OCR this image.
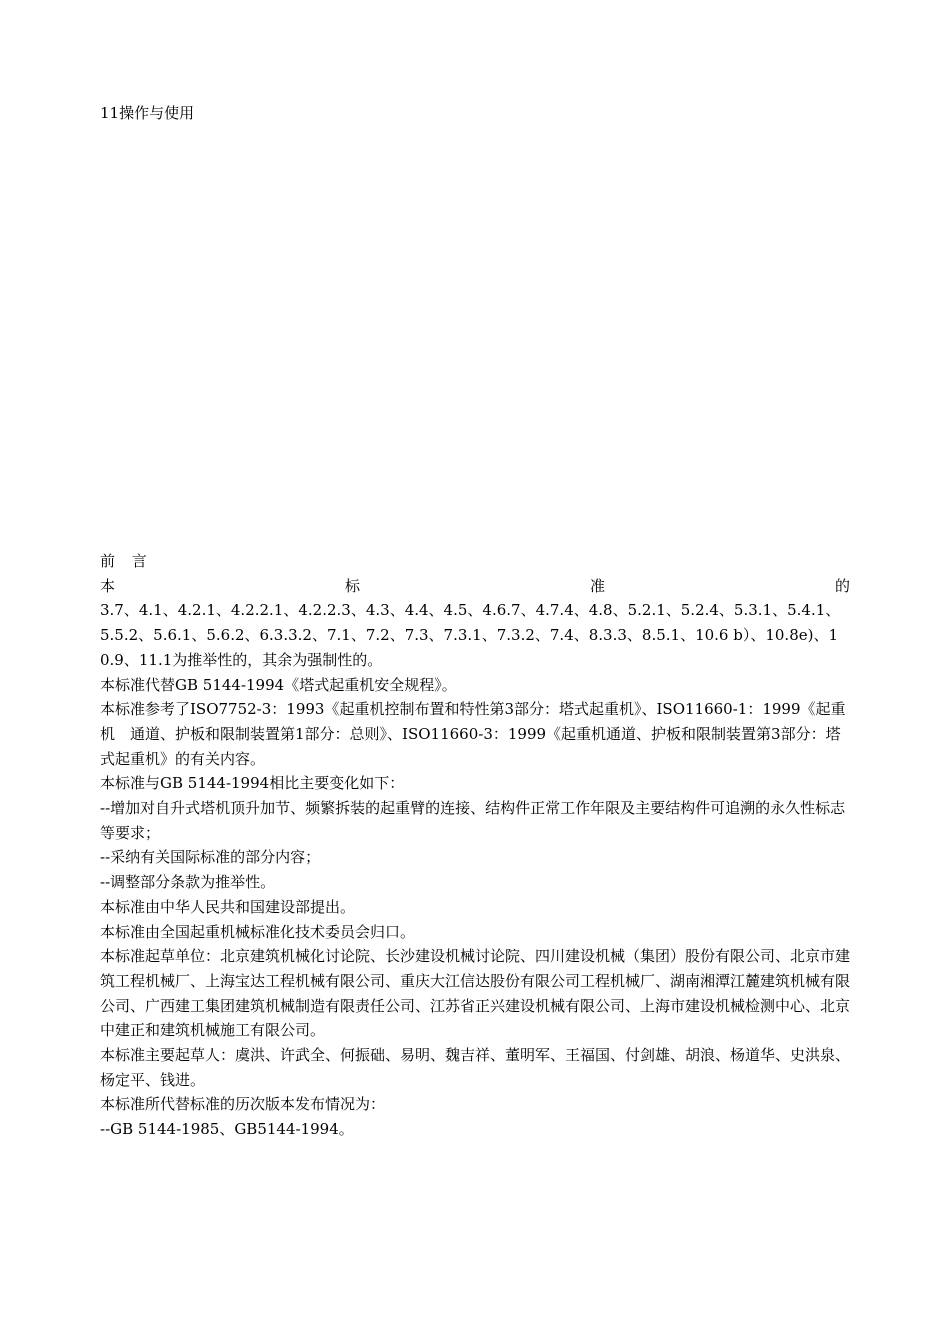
11操作与使用

前 言

本	标	准	的

3.7、4.1、4.2.1、4.2.2.1、4.2.2.3、4.3、4.4、4.5、4.6.7、4.7.4、4.8、5.2.1、5.2.4、5.3.1、5.4.1、5.5.2、5.6.1、5.6.2、6.3.3.2、7.1、7.2、7.3、7.3.1、7.3.2、7.4、8.3.3、8.5.1、10.6 b）、10.8e)、10.9、11.1为推举性的，其余为强制性的。

本标准代替GB 5144-1994《塔式起重机安全规程》。

本标准参考了ISO7752-3：1993《起重机控制布置和特性第3部分：塔式起重机》、ISO11660-1：1999《起重机　通道、护板和限制装置第1部分：总则》、ISO11660-3：1999《起重机通道、护板和限制装置第3部分：塔式起重机》的有关内容。

本标准与GB 5144-1994相比主要变化如下：

--增加对自升式塔机顶升加节、频繁拆装的起重臂的连接、结构件正常工作年限及主要结构件可追溯的永久性标志等要求；

--采纳有关国际标准的部分内容；

--调整部分条款为推举性。

本标准由中华人民共和国建设部提出。

本标准由全国起重机械标准化技术委员会归口。

本标准起草单位：北京建筑机械化讨论院、长沙建设机械讨论院、四川建设机械（集团）股份有限公司、北京市建筑工程机械厂、上海宝达工程机械有限公司、重庆大江信达股份有限公司工程机械厂、湖南湘潭江麓建筑机械有限公司、广西建工集团建筑机械制造有限责任公司、江苏省正兴建设机械有限公司、上海市建设机械检测中心、北京中建正和建筑机械施工有限公司。

本标准主要起草人：虞洪、许武全、何振础、易明、魏吉祥、董明军、王福国、付剑雄、胡浪、杨道华、史洪泉、杨定平、钱进。

本标准所代替标准的历次版本发布情况为：

--GB 5144-1985、GB5144-1994。
